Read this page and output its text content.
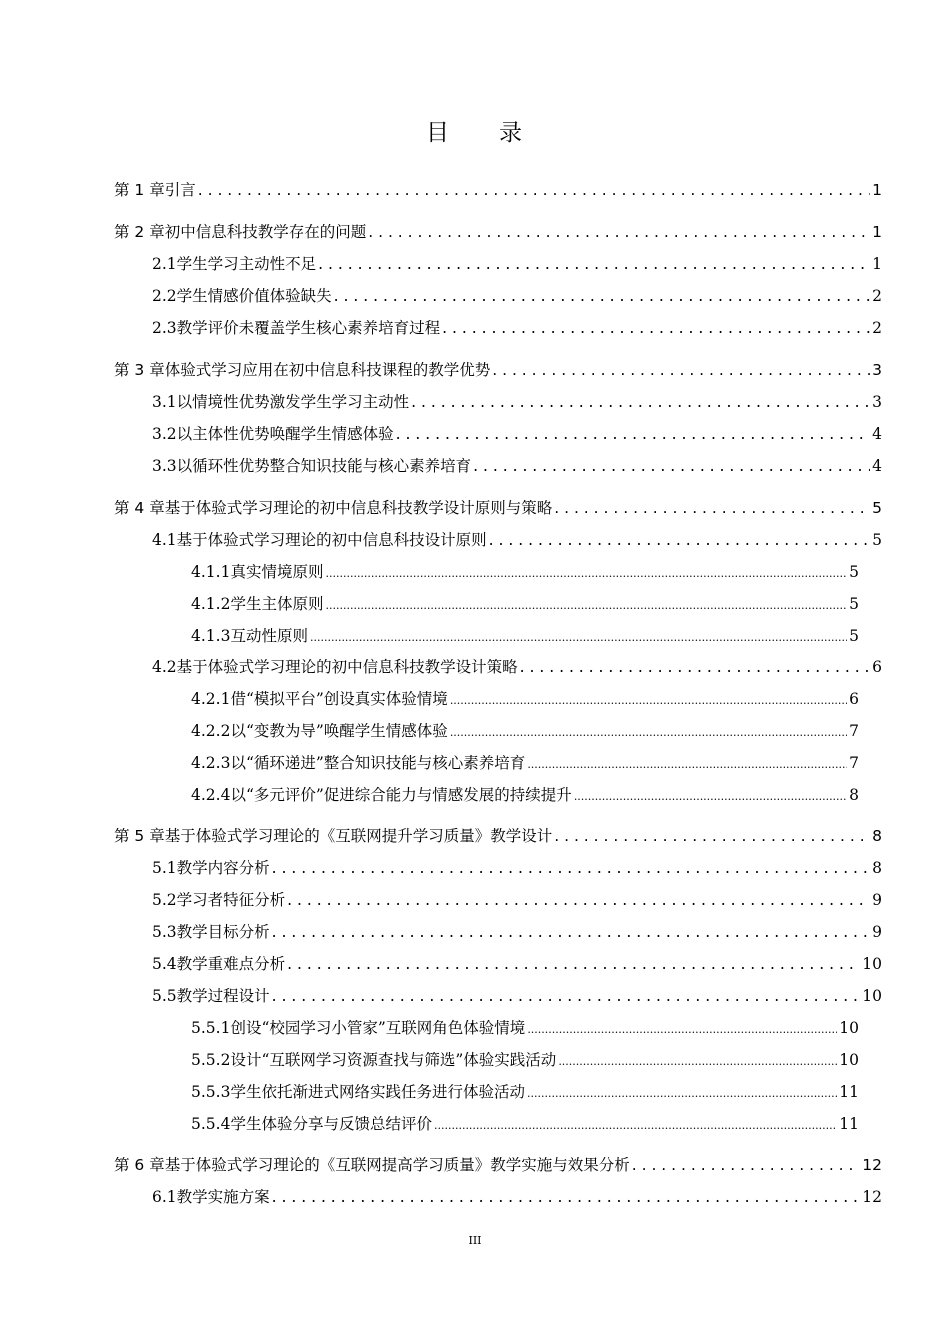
目 录
第 1 章 引言 . . .	1
第 2 章 初中信息科技教学存在的问题 . . .	1
2.1 学生学习主动性不足 . . .	1
2.2 学生情感价值体验缺失 . . .	2
2.3 教学评价未覆盖学生核心素养培育过程 . . .	2
第 3 章 体验式学习应用在初中信息科技课程的教学优势 . . .	3
3.1 以情境性优势激发学生学习主动性 . . .	3
3.2 以主体性优势唤醒学生情感体验 . . .	4
3.3 以循环性优势整合知识技能与核心素养培育 . . .	4
第 4 章 基于体验式学习理论的初中信息科技教学设计原则与策略 . . .	5
4.1 基于体验式学习理论的初中信息科技设计原则 . . .	5
4.1.1 真实情境原则 .....	5
4.1.2 学生主体原则 .....	5
4.1.3 互动性原则 .....	5
4.2 基于体验式学习理论的初中信息科技教学设计策略 . . .	6
4.2.1 借“模拟平台”创设真实体验情境 .....	6
4.2.2 以“变教为导”唤醒学生情感体验 .....	7
4.2.3 以“循环递进”整合知识技能与核心素养培育 .....	7
4.2.4 以“多元评价”促进综合能力与情感发展的持续提升 .....	8
第 5 章 基于体验式学习理论的《互联网提升学习质量》教学设计 . . .	8
5.1 教学内容分析 . . .	8
5.2 学习者特征分析 . . .	9
5.3 教学目标分析 . . .	9
5.4 教学重难点分析 . . .	10
5.5 教学过程设计 . . .	10
5.5.1 创设“校园学习小管家”互联网角色体验情境 .....	10
5.5.2 设计“互联网学习资源查找与筛选”体验实践活动 .....	10
5.5.3 学生依托渐进式网络实践任务进行体验活动 .....	11
5.5.4 学生体验分享与反馈总结评价 .....	11
第 6 章 基于体验式学习理论的《互联网提高学习质量》教学实施与效果分析 . . .	12
6.1 教学实施方案 . . .	12
III
